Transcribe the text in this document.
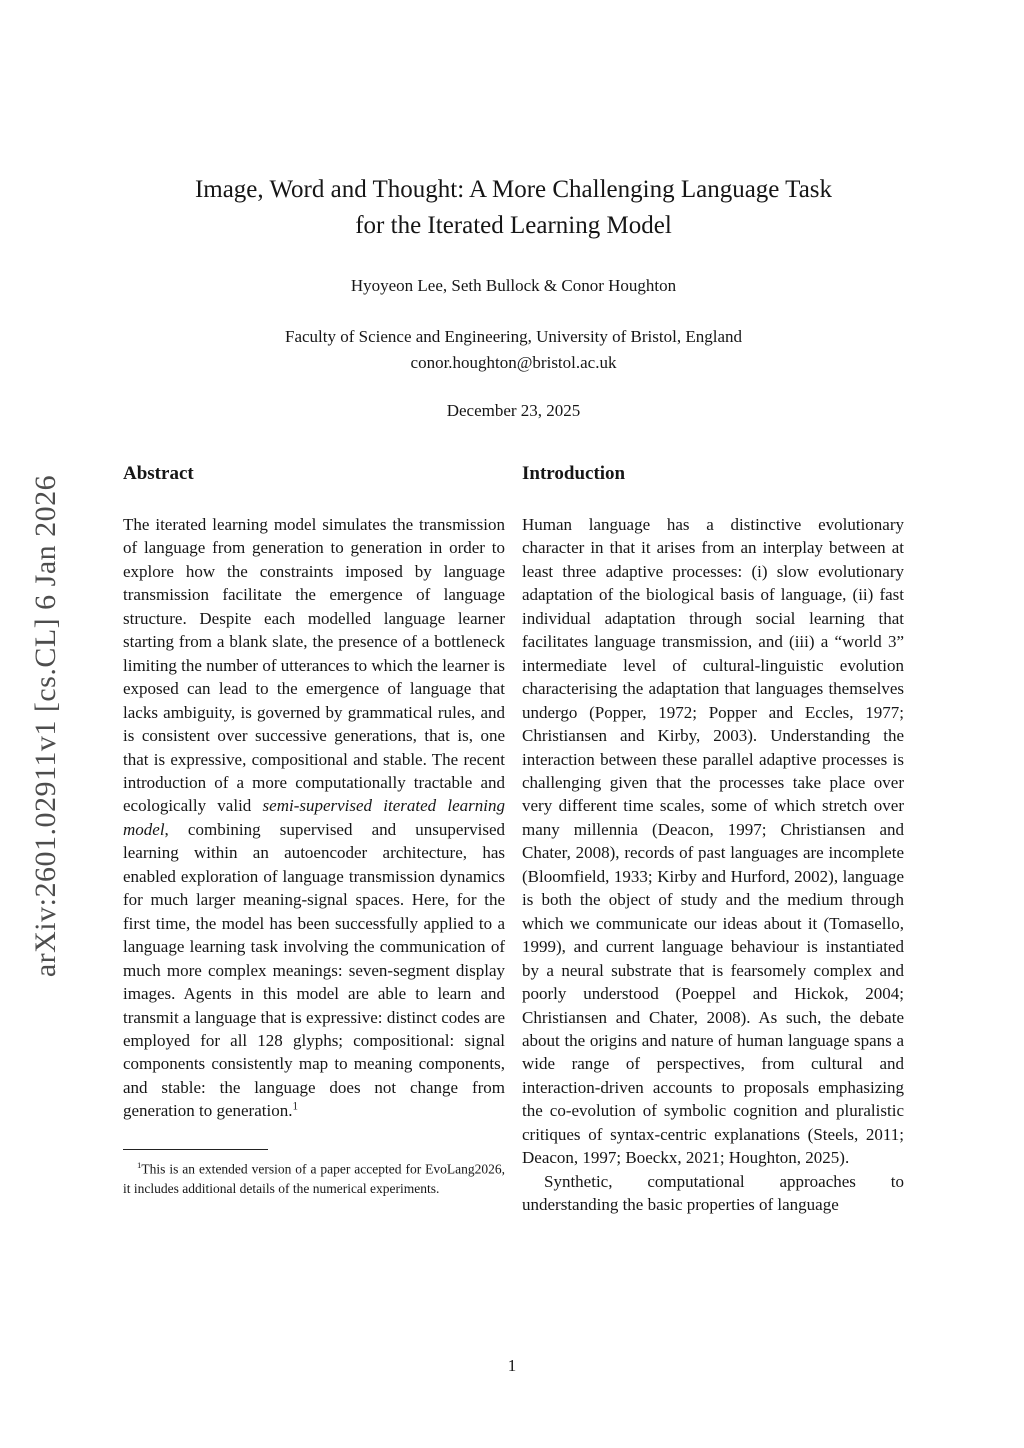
arXiv:2601.02911v1 [cs.CL] 6 Jan 2026
Image, Word and Thought: A More Challenging Language Task
for the Iterated Learning Model
Hyoyeon Lee, Seth Bullock & Conor Houghton
Faculty of Science and Engineering, University of Bristol, England
conor.houghton@bristol.ac.uk
December 23, 2025
Abstract

The iterated learning model simulates the transmission of language from generation to generation in order to explore how the constraints imposed by language transmission facilitate the emergence of language structure. Despite each modelled language learner starting from a blank slate, the presence of a bottleneck limiting the number of utterances to which the learner is exposed can lead to the emergence of language that lacks ambiguity, is governed by grammatical rules, and is consistent over successive generations, that is, one that is expressive, compositional and stable. The recent introduction of a more computationally tractable and ecologically valid semi-supervised iterated learning model, combining supervised and unsupervised learning within an autoencoder architecture, has enabled exploration of language transmission dynamics for much larger meaning-signal spaces. Here, for the first time, the model has been successfully applied to a language learning task involving the communication of much more complex meanings: seven-segment display images. Agents in this model are able to learn and transmit a language that is expressive: distinct codes are employed for all 128 glyphs; compositional: signal components consistently map to meaning components, and stable: the language does not change from generation to generation.$^1$

$^1$This is an extended version of a paper accepted for EvoLang2026, it includes additional details of the numerical experiments.

Introduction

Human language has a distinctive evolutionary character in that it arises from an interplay between at least three adaptive processes: (i) slow evolutionary adaptation of the biological basis of language, (ii) fast individual adaptation through social learning that facilitates language transmission, and (iii) a “world 3” intermediate level of cultural-linguistic evolution characterising the adaptation that languages themselves undergo (Popper, 1972; Popper and Eccles, 1977; Christiansen and Kirby, 2003). Understanding the interaction between these parallel adaptive processes is challenging given that the processes take place over very different time scales, some of which stretch over many millennia (Deacon, 1997; Christiansen and Chater, 2008), records of past languages are incomplete (Bloomfield, 1933; Kirby and Hurford, 2002), language is both the object of study and the medium through which we communicate our ideas about it (Tomasello, 1999), and current language behaviour is instantiated by a neural substrate that is fearsomely complex and poorly understood (Poeppel and Hickok, 2004; Christiansen and Chater, 2008). As such, the debate about the origins and nature of human language spans a wide range of perspectives, from cultural and interaction-driven accounts to proposals emphasizing the co-evolution of symbolic cognition and pluralistic critiques of syntax-centric explanations (Steels, 2011; Deacon, 1997; Boeckx, 2021; Houghton, 2025).

Synthetic, computational approaches to understanding the basic properties of language

1
